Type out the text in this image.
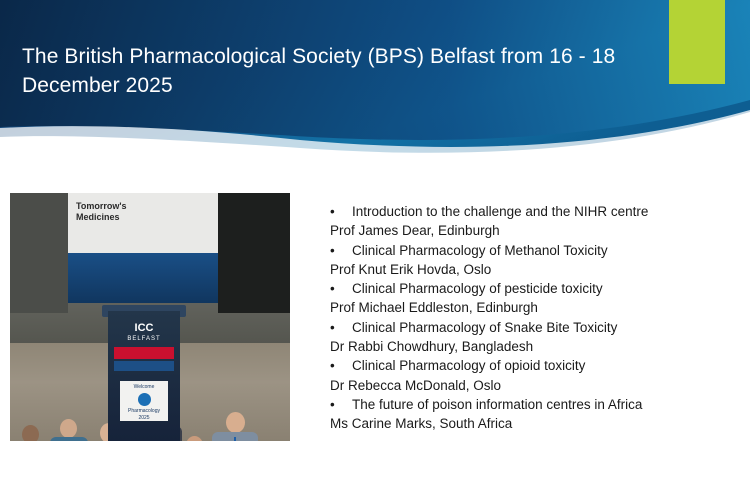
The British Pharmacological Society (BPS) Belfast from 16 - 18 December 2025
Tomorrow's Medicines
ICC
BELFAST
Welcome
Pharmacology
2025
• Introduction to the challenge and the NIHR centre
Prof James Dear, Edinburgh
• Clinical Pharmacology of Methanol Toxicity
Prof Knut Erik Hovda, Oslo
• Clinical Pharmacology of pesticide toxicity
Prof Michael Eddleston, Edinburgh
• Clinical Pharmacology of Snake Bite Toxicity
Dr Rabbi Chowdhury, Bangladesh
• Clinical Pharmacology of opioid toxicity
Dr Rebecca McDonald, Oslo
• The future of poison information centres in Africa
Ms Carine Marks, South Africa
